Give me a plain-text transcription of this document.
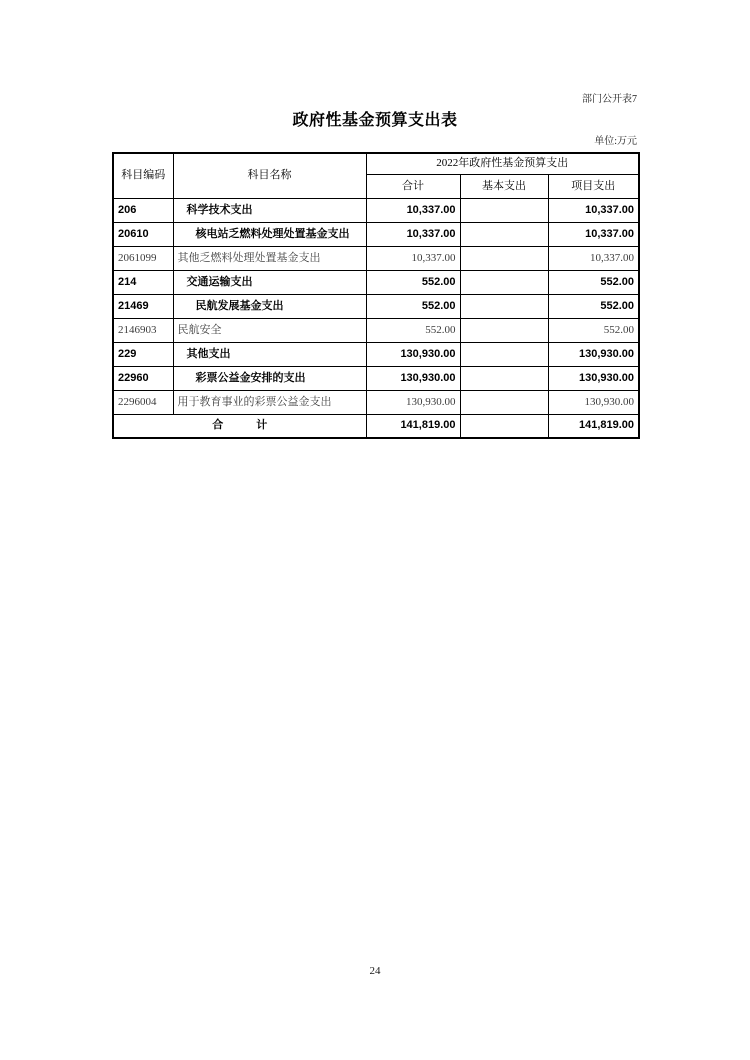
部门公开表7
政府性基金预算支出表
单位:万元
科目编码	科目名称	2022年政府性基金预算支出		
		合计	基本支出	项目支出
206	科学技术支出	10,337.00		10,337.00
20610	核电站乏燃料处理处置基金支出	10,337.00		10,337.00
2061099	其他乏燃料处理处置基金支出	10,337.00		10,337.00
214	交通运输支出	552.00		552.00
21469	民航发展基金支出	552.00		552.00
2146903	民航安全	552.00		552.00
229	其他支出	130,930.00		130,930.00
22960	彩票公益金安排的支出	130,930.00		130,930.00
2296004	用于教育事业的彩票公益金支出	130,930.00		130,930.00
合　　　计		141,819.00		141,819.00
24
